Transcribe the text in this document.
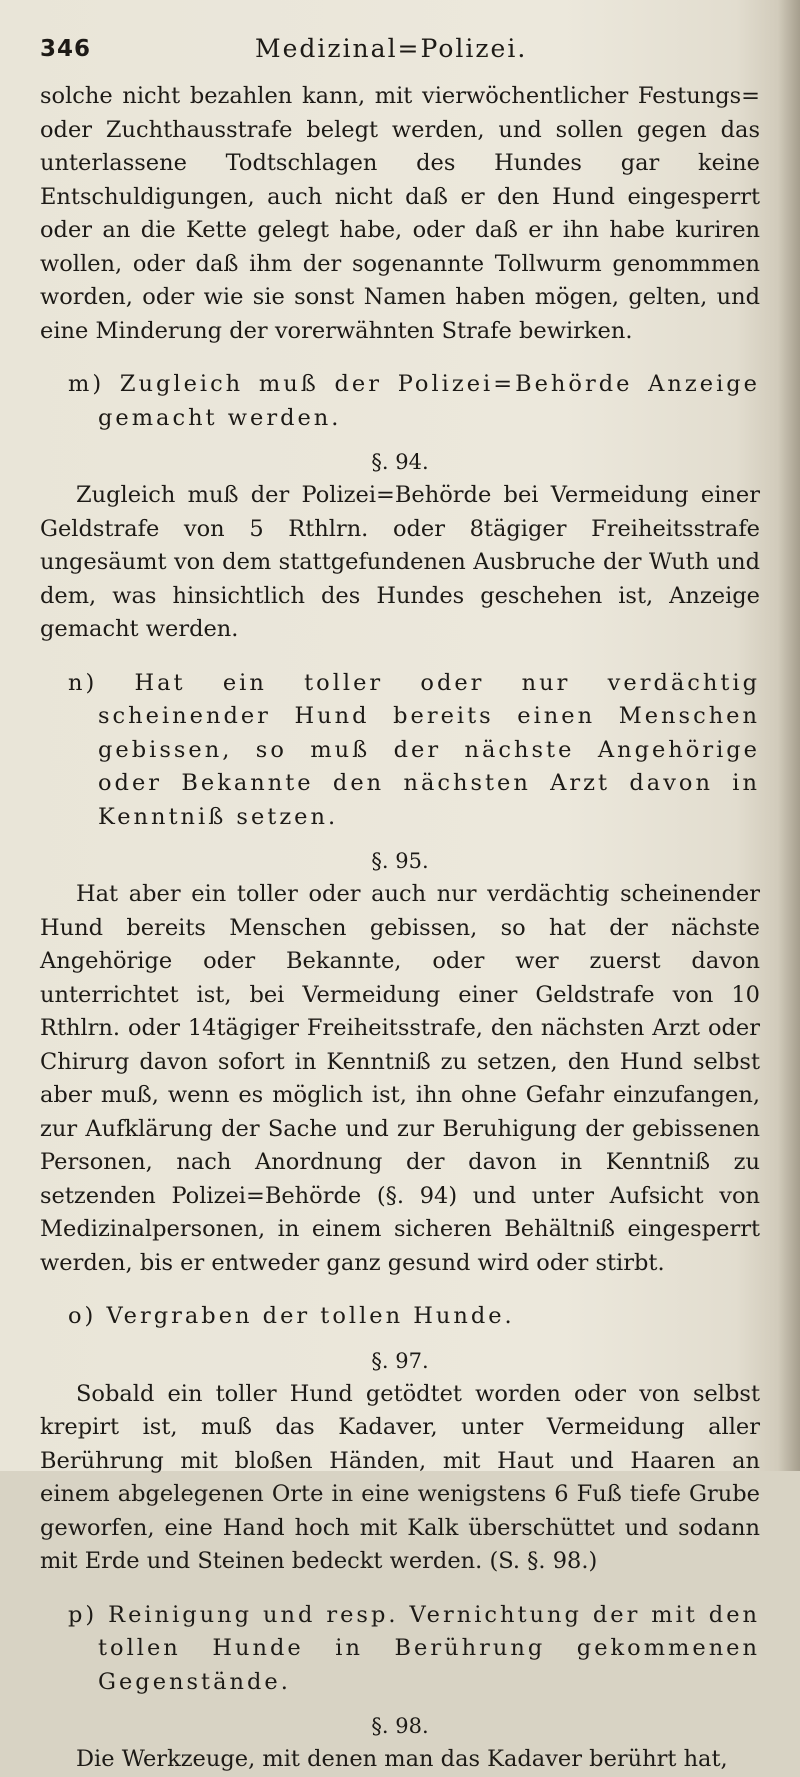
346	Medizinal=Polizei.

solche nicht bezahlen kann, mit vierwöchentlicher Festungs= oder Zuchthausstrafe belegt werden, und sollen gegen das unterlassene Todtschlagen des Hundes gar keine Entschuldigungen, auch nicht daß er den Hund eingesperrt oder an die Kette gelegt habe, oder daß er ihn habe kuriren wollen, oder daß ihm der sogenannte Tollwurm genommmen worden, oder wie sie sonst Namen haben mögen, gelten, und eine Minderung der vorerwähnten Strafe bewirken.

m) Zugleich muß der Polizei=Behörde Anzeige gemacht werden.

§. 94.

Zugleich muß der Polizei=Behörde bei Vermeidung einer Geldstrafe von 5 Rthlrn. oder 8tägiger Freiheitsstrafe ungesäumt von dem stattgefundenen Ausbruche der Wuth und dem, was hinsichtlich des Hundes geschehen ist, Anzeige gemacht werden.

n) Hat ein toller oder nur verdächtig scheinender Hund bereits einen Menschen gebissen, so muß der nächste Angehörige oder Bekannte den nächsten Arzt davon in Kenntniß setzen.

§. 95.

Hat aber ein toller oder auch nur verdächtig scheinender Hund bereits Menschen gebissen, so hat der nächste Angehörige oder Bekannte, oder wer zuerst davon unterrichtet ist, bei Vermeidung einer Geldstrafe von 10 Rthlrn. oder 14tägiger Freiheitsstrafe, den nächsten Arzt oder Chirurg davon sofort in Kenntniß zu setzen, den Hund selbst aber muß, wenn es möglich ist, ihn ohne Gefahr einzufangen, zur Aufklärung der Sache und zur Beruhigung der gebissenen Personen, nach Anordnung der davon in Kenntniß zu setzenden Polizei=Behörde (§. 94) und unter Aufsicht von Medizinalpersonen, in einem sicheren Behältniß eingesperrt werden, bis er entweder ganz gesund wird oder stirbt.

o) Vergraben der tollen Hunde.

§. 97.

Sobald ein toller Hund getödtet worden oder von selbst krepirt ist, muß das Kadaver, unter Vermeidung aller Berührung mit bloßen Händen, mit Haut und Haaren an einem abgelegenen Orte in eine wenigstens 6 Fuß tiefe Grube geworfen, eine Hand hoch mit Kalk überschüttet und sodann mit Erde und Steinen bedeckt werden. (S. §. 98.)

p) Reinigung und resp. Vernichtung der mit den tollen Hunde in Berührung gekommenen Gegenstände.

§. 98.

Die Werkzeuge, mit denen man das Kadaver berührt hat,
